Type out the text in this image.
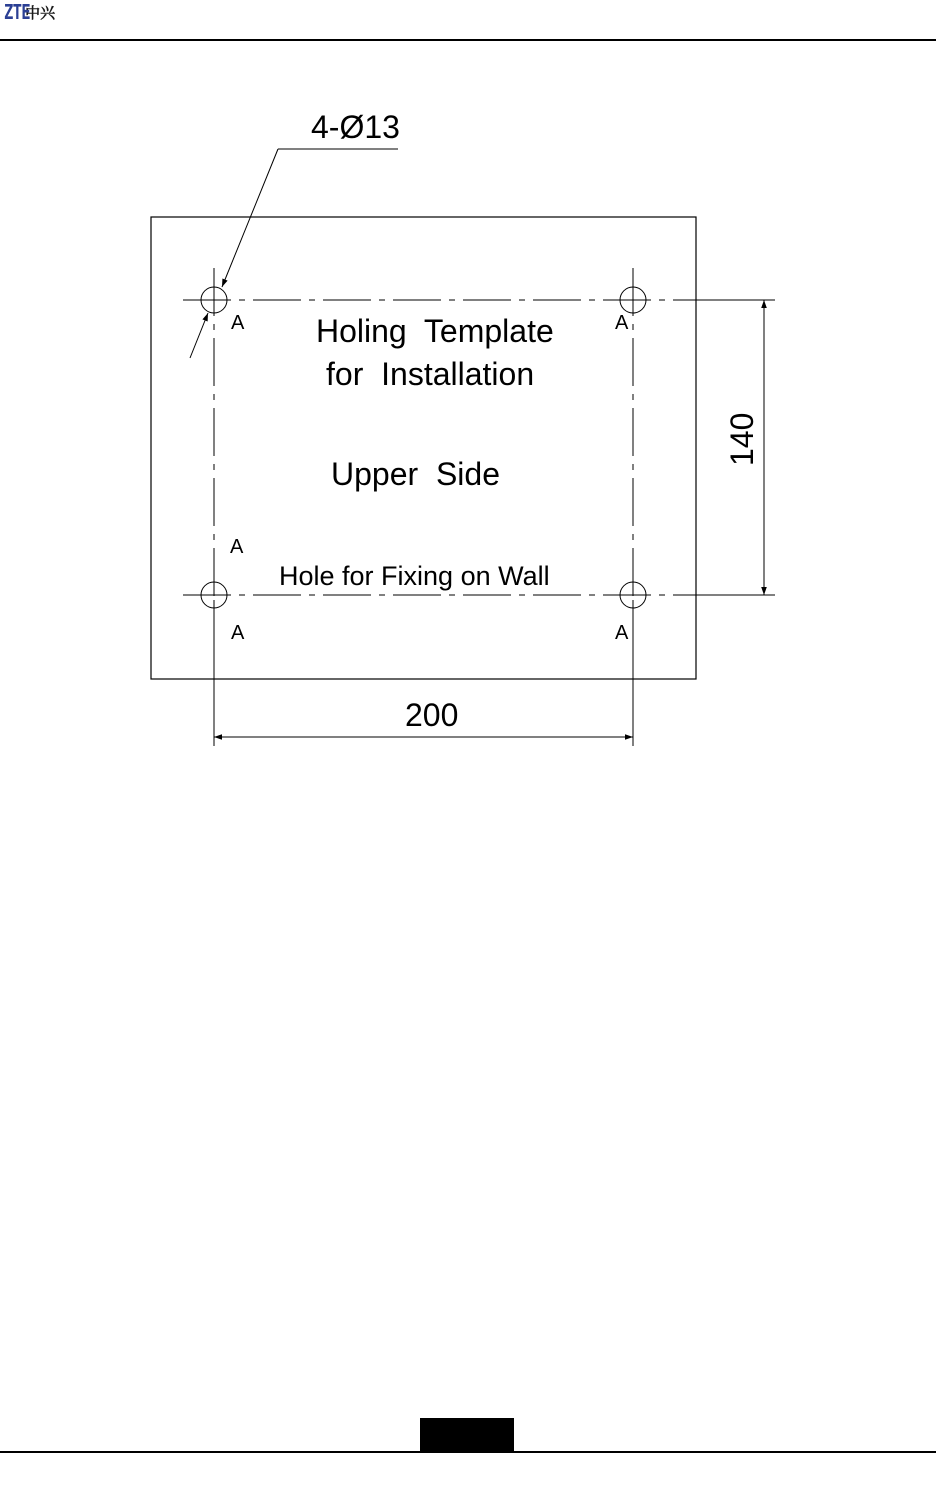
ZTE
中兴
4-Ø13
Holing  Template
for  Installation
Upper  Side
Hole for Fixing on Wall
A	A
A
A	A
200
140
